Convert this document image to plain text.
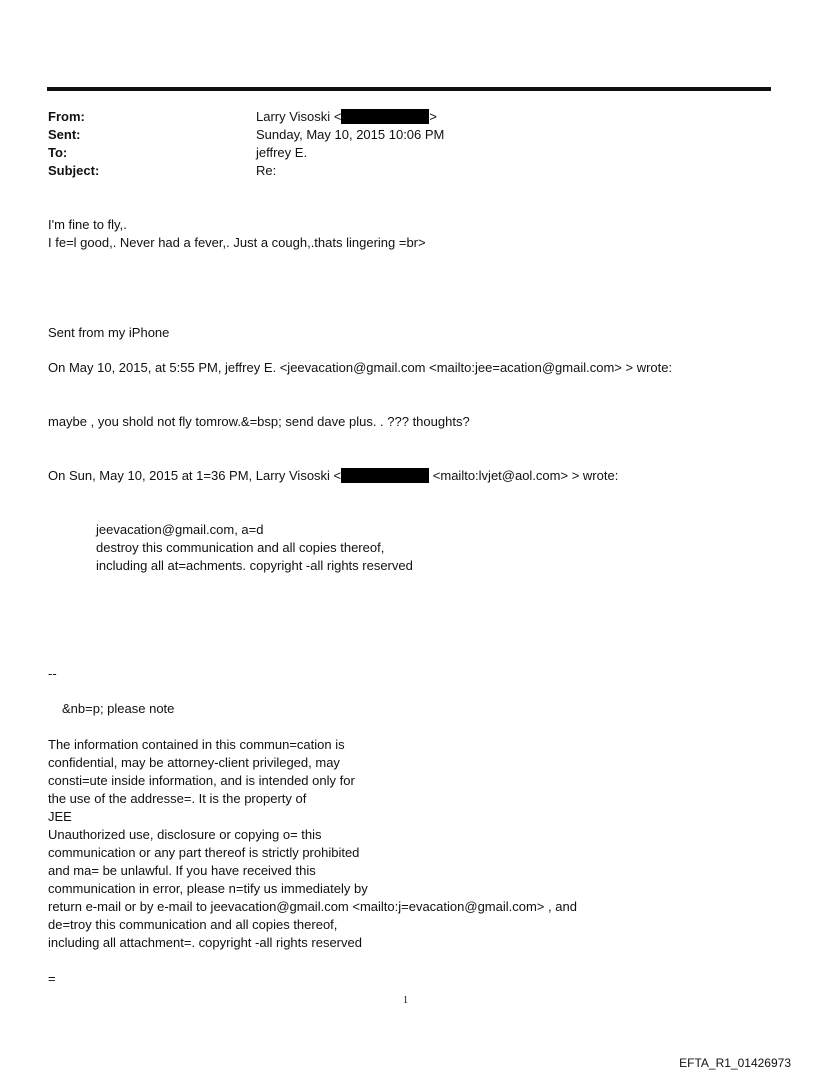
From:	Larry Visoski <	>
Sent:	Sunday, May 10, 2015 10:06 PM
To:	jeffrey E.
Subject:	Re:
I'm fine to fly,.
I fe=l good,. Never had a fever,. Just a cough,.thats lingering =br>
Sent from my iPhone
On May 10, 2015, at 5:55 PM, jeffrey E. <jeevacation@gmail.com <mailto:jee=acation@gmail.com> > wrote:
maybe , you shold not fly tomrow.&=bsp; send dave plus. . ??? thoughts?
On Sun, May 10, 2015 at 1=36 PM, Larry Visoski <	<mailto:lvjet@aol.com> > wrote:
jeevacation@gmail.com, a=d
destroy this communication and all copies thereof,
including all at=achments. copyright -all rights reserved
--
&nb=p; please note
The information contained in this commun=cation is
confidential, may be attorney-client privileged, may
consti=ute inside information, and is intended only for
the use of the addresse=. It is the property of
JEE
Unauthorized use, disclosure or copying o= this
communication or any part thereof is strictly prohibited
and ma= be unlawful. If you have received this
communication in error, please n=tify us immediately by
return e-mail or by e-mail to jeevacation@gmail.com <mailto:j=evacation@gmail.com> , and
de=troy this communication and all copies thereof,
including all attachment=. copyright -all rights reserved
=
1
EFTA_R1_01426973
